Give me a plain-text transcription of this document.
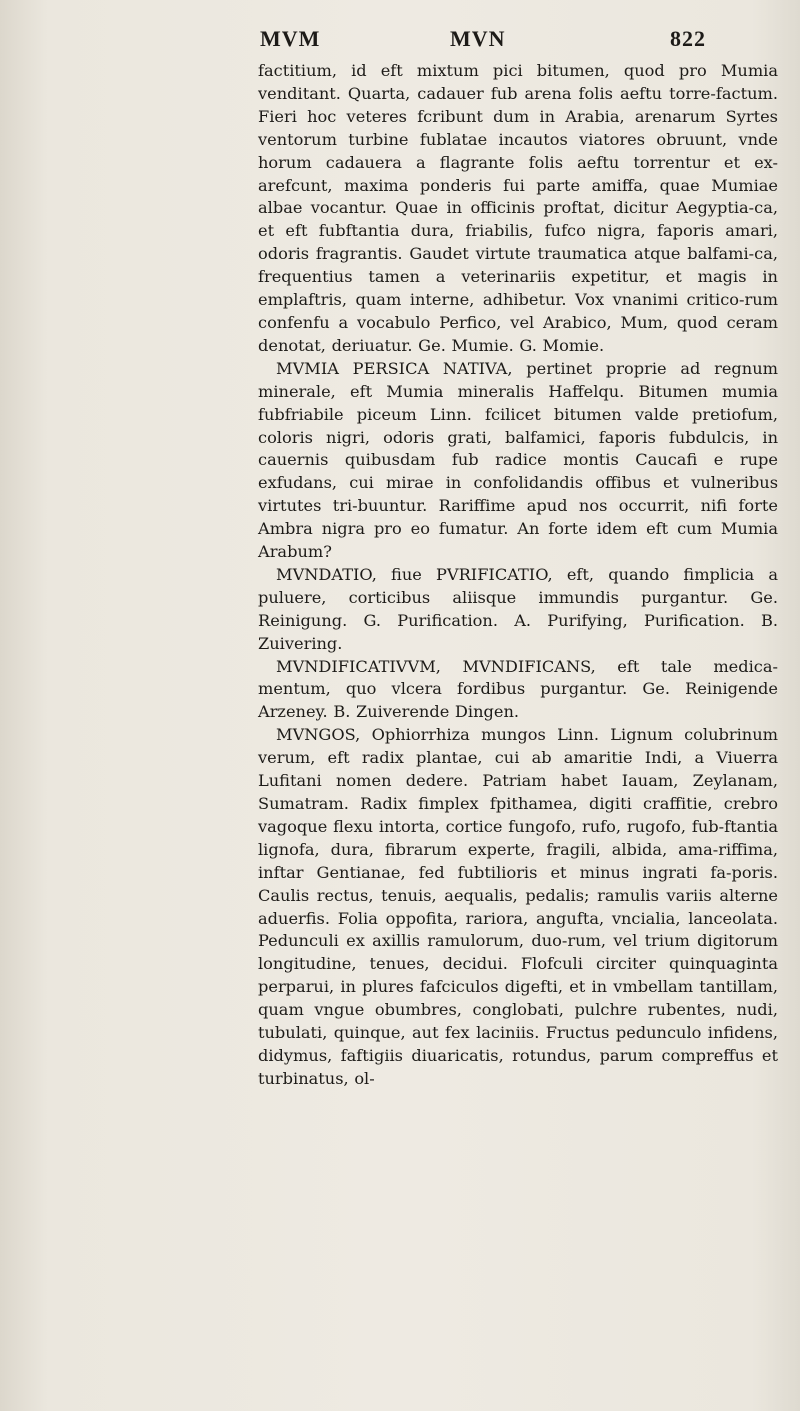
MVM	MVN	822

factitium, id eft mixtum pici bitumen, quod pro Mumia venditant. Quarta, cadauer fub arena folis aeftu torre-factum. Fieri hoc veteres fcribunt dum in Arabia, arenarum Syrtes ventorum turbine fublatae incautos viatores obruunt, vnde horum cadauera a flagrante folis aeftu torrentur et ex-arefcunt, maxima ponderis fui parte amiffa, quae Mumiae albae vocantur. Quae in officinis proftat, dicitur Aegyptia-ca, et eft fubftantia dura, friabilis, fufco nigra, faporis amari, odoris fragrantis. Gaudet virtute traumatica atque balfami-ca, frequentius tamen a veterinariis expetitur, et magis in emplaftris, quam interne, adhibetur. Vox vnanimi critico-rum confenfu a vocabulo Perfico, vel Arabico, Mum, quod ceram denotat, deriuatur. Ge. Mumie. G. Momie.

MVMIA PERSICA NATIVA, pertinet proprie ad regnum minerale, eft Mumia mineralis Haffelqu. Bitumen mumia fubfriabile piceum Linn. fcilicet bitumen valde pretiofum, coloris nigri, odoris grati, balfamici, faporis fubdulcis, in cauernis quibusdam fub radice montis Caucafi e rupe exfudans, cui mirae in confolidandis offibus et vulneribus virtutes tri-buuntur. Rariffime apud nos occurrit, nifi forte Ambra nigra pro eo fumatur. An forte idem eft cum Mumia Arabum?

MVNDATIO, fiue PVRIFICATIO, eft, quando fimplicia a puluere, corticibus aliisque immundis purgantur. Ge. Reinigung. G. Purification. A. Purifying, Purification. B. Zuivering.

MVNDIFICATIVVM, MVNDIFICANS, eft tale medica-mentum, quo vlcera fordibus purgantur. Ge. Reinigende Arzeney. B. Zuiverende Dingen.

MVNGOS, Ophiorrhiza mungos Linn. Lignum colubrinum verum, eft radix plantae, cui ab amaritie Indi, a Viuerra Lufitani nomen dedere. Patriam habet Iauam, Zeylanam, Sumatram. Radix fimplex fpithamea, digiti craffitie, crebro vagoque flexu intorta, cortice fungofo, rufo, rugofo, fub-ftantia lignofa, dura, fibrarum experte, fragili, albida, ama-riffima, inftar Gentianae, fed fubtilioris et minus ingrati fa-poris. Caulis rectus, tenuis, aequalis, pedalis; ramulis variis alterne aduerfis. Folia oppofita, rariora, angufta, vncialia, lanceolata. Pedunculi ex axillis ramulorum, duo-rum, vel trium digitorum longitudine, tenues, decidui. Flofculi circiter quinquaginta perparui, in plures fafciculos digefti, et in vmbellam tantillam, quam vngue obumbres, conglobati, pulchre rubentes, nudi, tubulati, quinque, aut fex laciniis. Fructus pedunculo infidens, didymus, faftigiis diuaricatis, rotundus, parum compreffus et turbinatus, ol-
